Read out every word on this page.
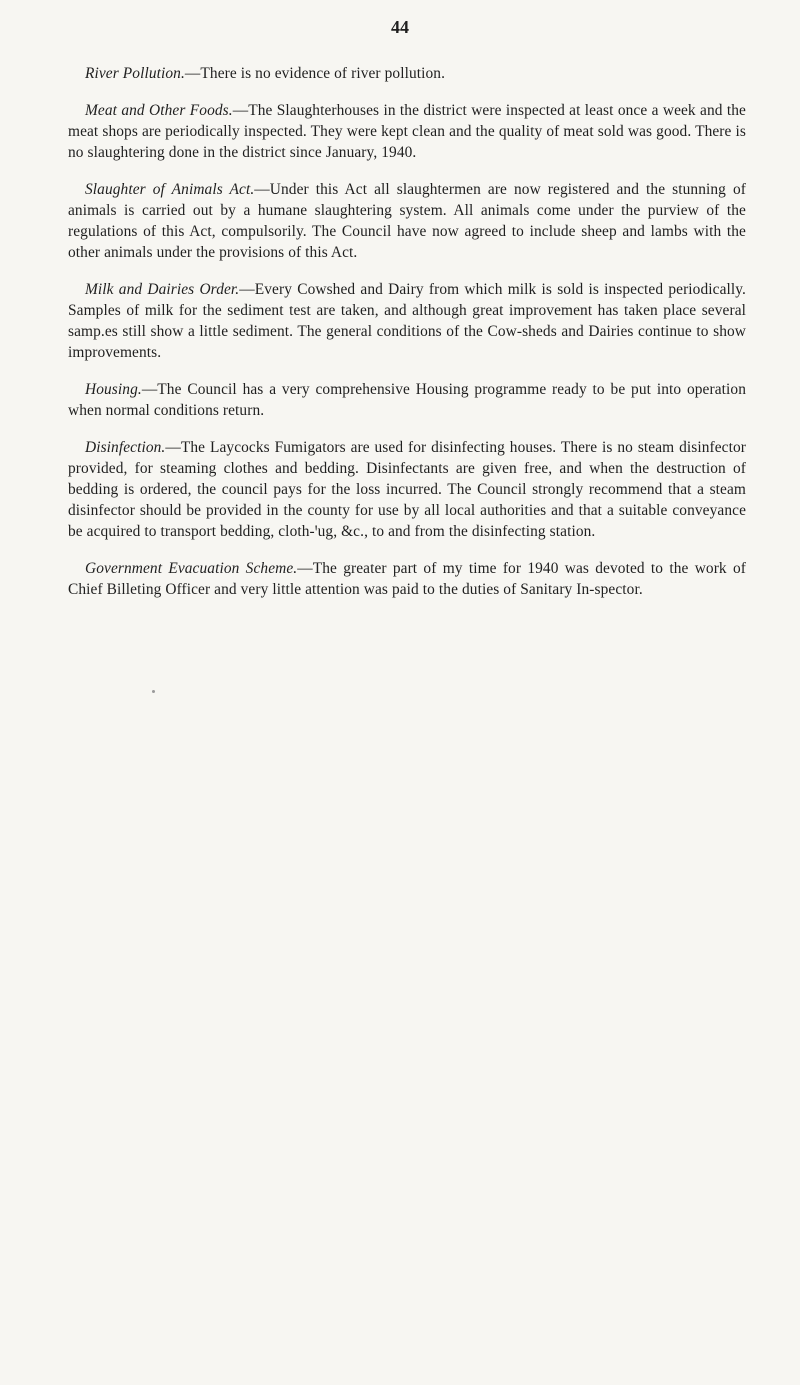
44

River Pollution.—There is no evidence of river pollution.

Meat and Other Foods.—The Slaughterhouses in the district were inspected at least once a week and the meat shops are periodically inspected. They were kept clean and the quality of meat sold was good. There is no slaughtering done in the district since January, 1940.

Slaughter of Animals Act.—Under this Act all slaughtermen are now registered and the stunning of animals is carried out by a humane slaughtering system. All animals come under the purview of the regulations of this Act, compulsorily. The Council have now agreed to include sheep and lambs with the other animals under the provisions of this Act.

Milk and Dairies Order.—Every Cowshed and Dairy from which milk is sold is inspected periodically. Samples of milk for the sediment test are taken, and although great improvement has taken place several samp.es still show a little sediment. The general conditions of the Cow-sheds and Dairies continue to show improvements.

Housing.—The Council has a very comprehensive Housing programme ready to be put into operation when normal conditions return.

Disinfection.—The Laycocks Fumigators are used for disinfecting houses. There is no steam disinfector provided, for steaming clothes and bedding. Disinfectants are given free, and when the destruction of bedding is ordered, the council pays for the loss incurred. The Council strongly recommend that a steam disinfector should be provided in the county for use by all local authorities and that a suitable conveyance be acquired to transport bedding, cloth-ꞌug, &c., to and from the disinfecting station.

Government Evacuation Scheme.—The greater part of my time for 1940 was devoted to the work of Chief Billeting Officer and very little attention was paid to the duties of Sanitary In-spector.
